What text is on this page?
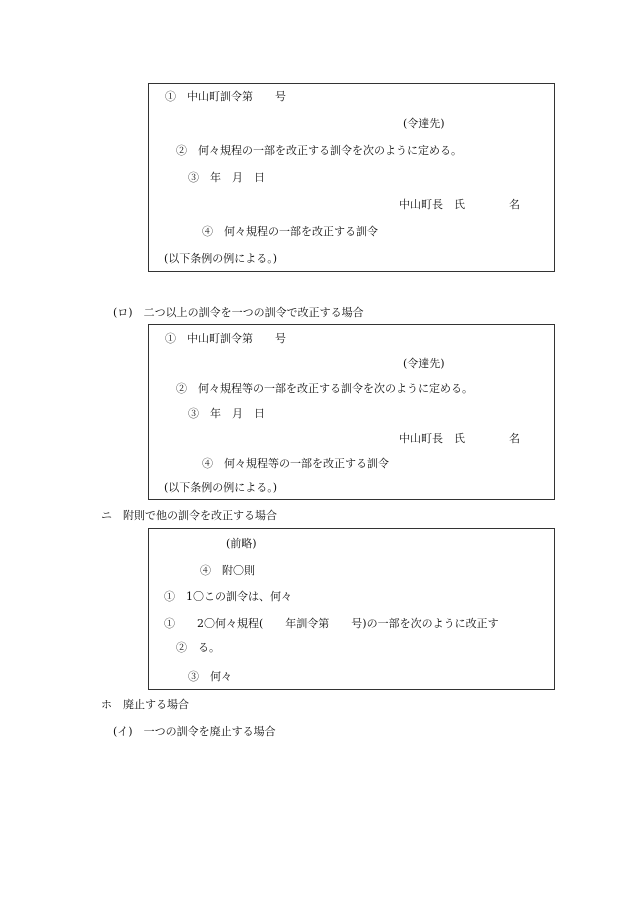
①　中山町訓令第　　号
(令達先)
②　何々規程の一部を改正する訓令を次のように定める。
③　年　月　日
中山町長　氏　　　　名
④　何々規程の一部を改正する訓令
(以下条例の例による。)
(ロ)　二つ以上の訓令を一つの訓令で改正する場合
①　中山町訓令第　　号
(令達先)
②　何々規程等の一部を改正する訓令を次のように定める。
③　年　月　日
中山町長　氏　　　　名
④　何々規程等の一部を改正する訓令
(以下条例の例による。)
ニ　附則で他の訓令を改正する場合
(前略)
④　附〇則
①　1〇この訓令は、何々
①　　2〇何々規程(　　年訓令第　　号)の一部を次のように改正す
②　る。
③　何々
ホ　廃止する場合
(イ)　一つの訓令を廃止する場合
